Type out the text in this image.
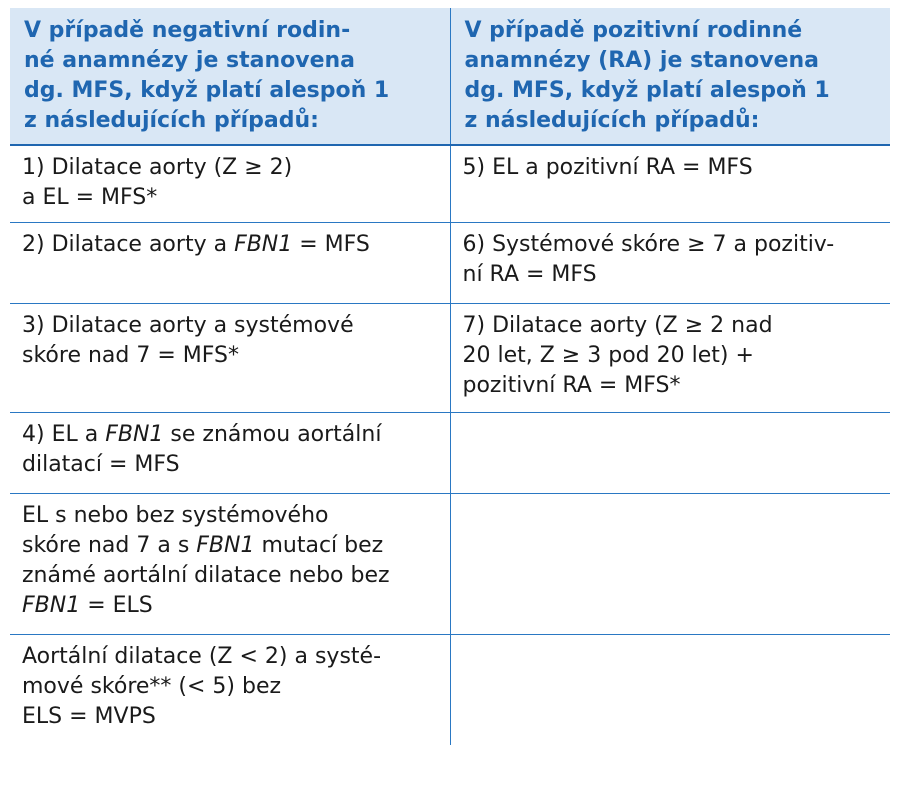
V případě negativní rodin-
né anamnézy je stanovena
dg. MFS, když platí alespoň 1
z následujících případů:	V případě pozitivní rodinné
anamnézy (RA) je stanovena
dg. MFS, když platí alespoň 1
z následujících případů:

1) Dilatace aorty (Z ≥ 2)
a EL = MFS*	5) EL a pozitivní RA = MFS

2) Dilatace aorty a FBN1 = MFS	6) Systémové skóre ≥ 7 a pozitiv-
ní RA = MFS

3) Dilatace aorty a systémové
skóre nad 7 = MFS*	7) Dilatace aorty (Z ≥ 2 nad
20 let, Z ≥ 3 pod 20 let) +
pozitivní RA = MFS*

4) EL a FBN1 se známou aortální
dilatací = MFS	

EL s nebo bez systémového
skóre nad 7 a s FBN1 mutací bez
známé aortální dilatace nebo bez
FBN1 = ELS	

Aortální dilatace (Z < 2) a systé-
mové skóre** (< 5) bez
ELS = MVPS	
